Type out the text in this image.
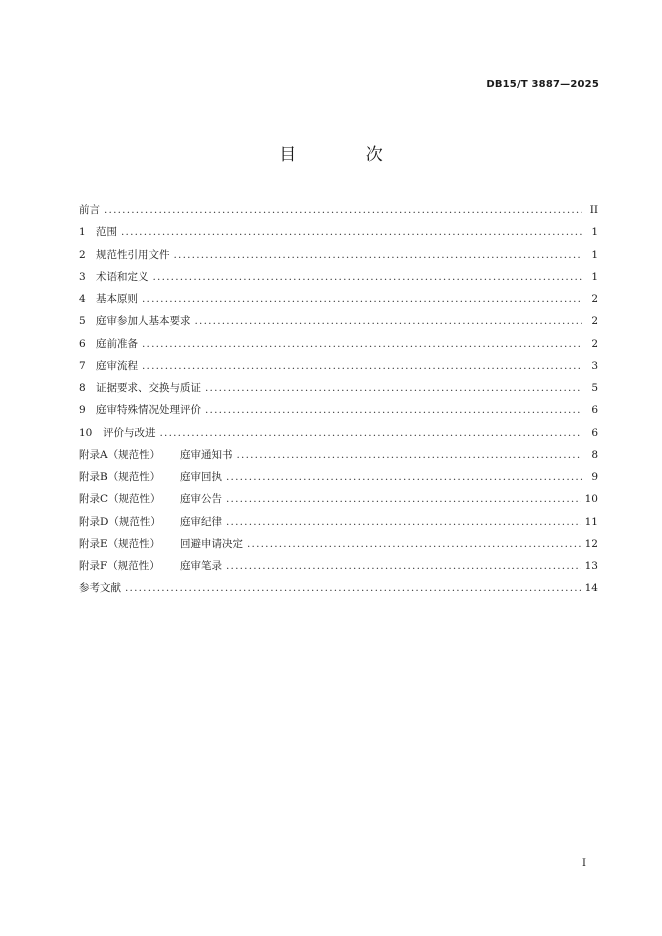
DB15/T 3887—2025
目 次
前言 .....	II
1 范围 .....	1
2 规范性引用文件 .....	1
3 术语和定义 .....	1
4 基本原则 .....	2
5 庭审参加人基本要求 .....	2
6 庭前准备 .....	2
7 庭审流程 .....	3
8 证据要求、交换与质证 .....	5
9 庭审特殊情况处理评价 .....	6
10	评价与改进 .....	6
附录A（规范性）	庭审通知书 .....	8
附录B（规范性）	庭审回执 .....	9
附录C（规范性）	庭审公告 .....	10
附录D（规范性）	庭审纪律 .....	11
附录E（规范性）	回避申请决定 .....	12
附录F（规范性）	庭审笔录 .....	13
参考文献 .....	14
I
